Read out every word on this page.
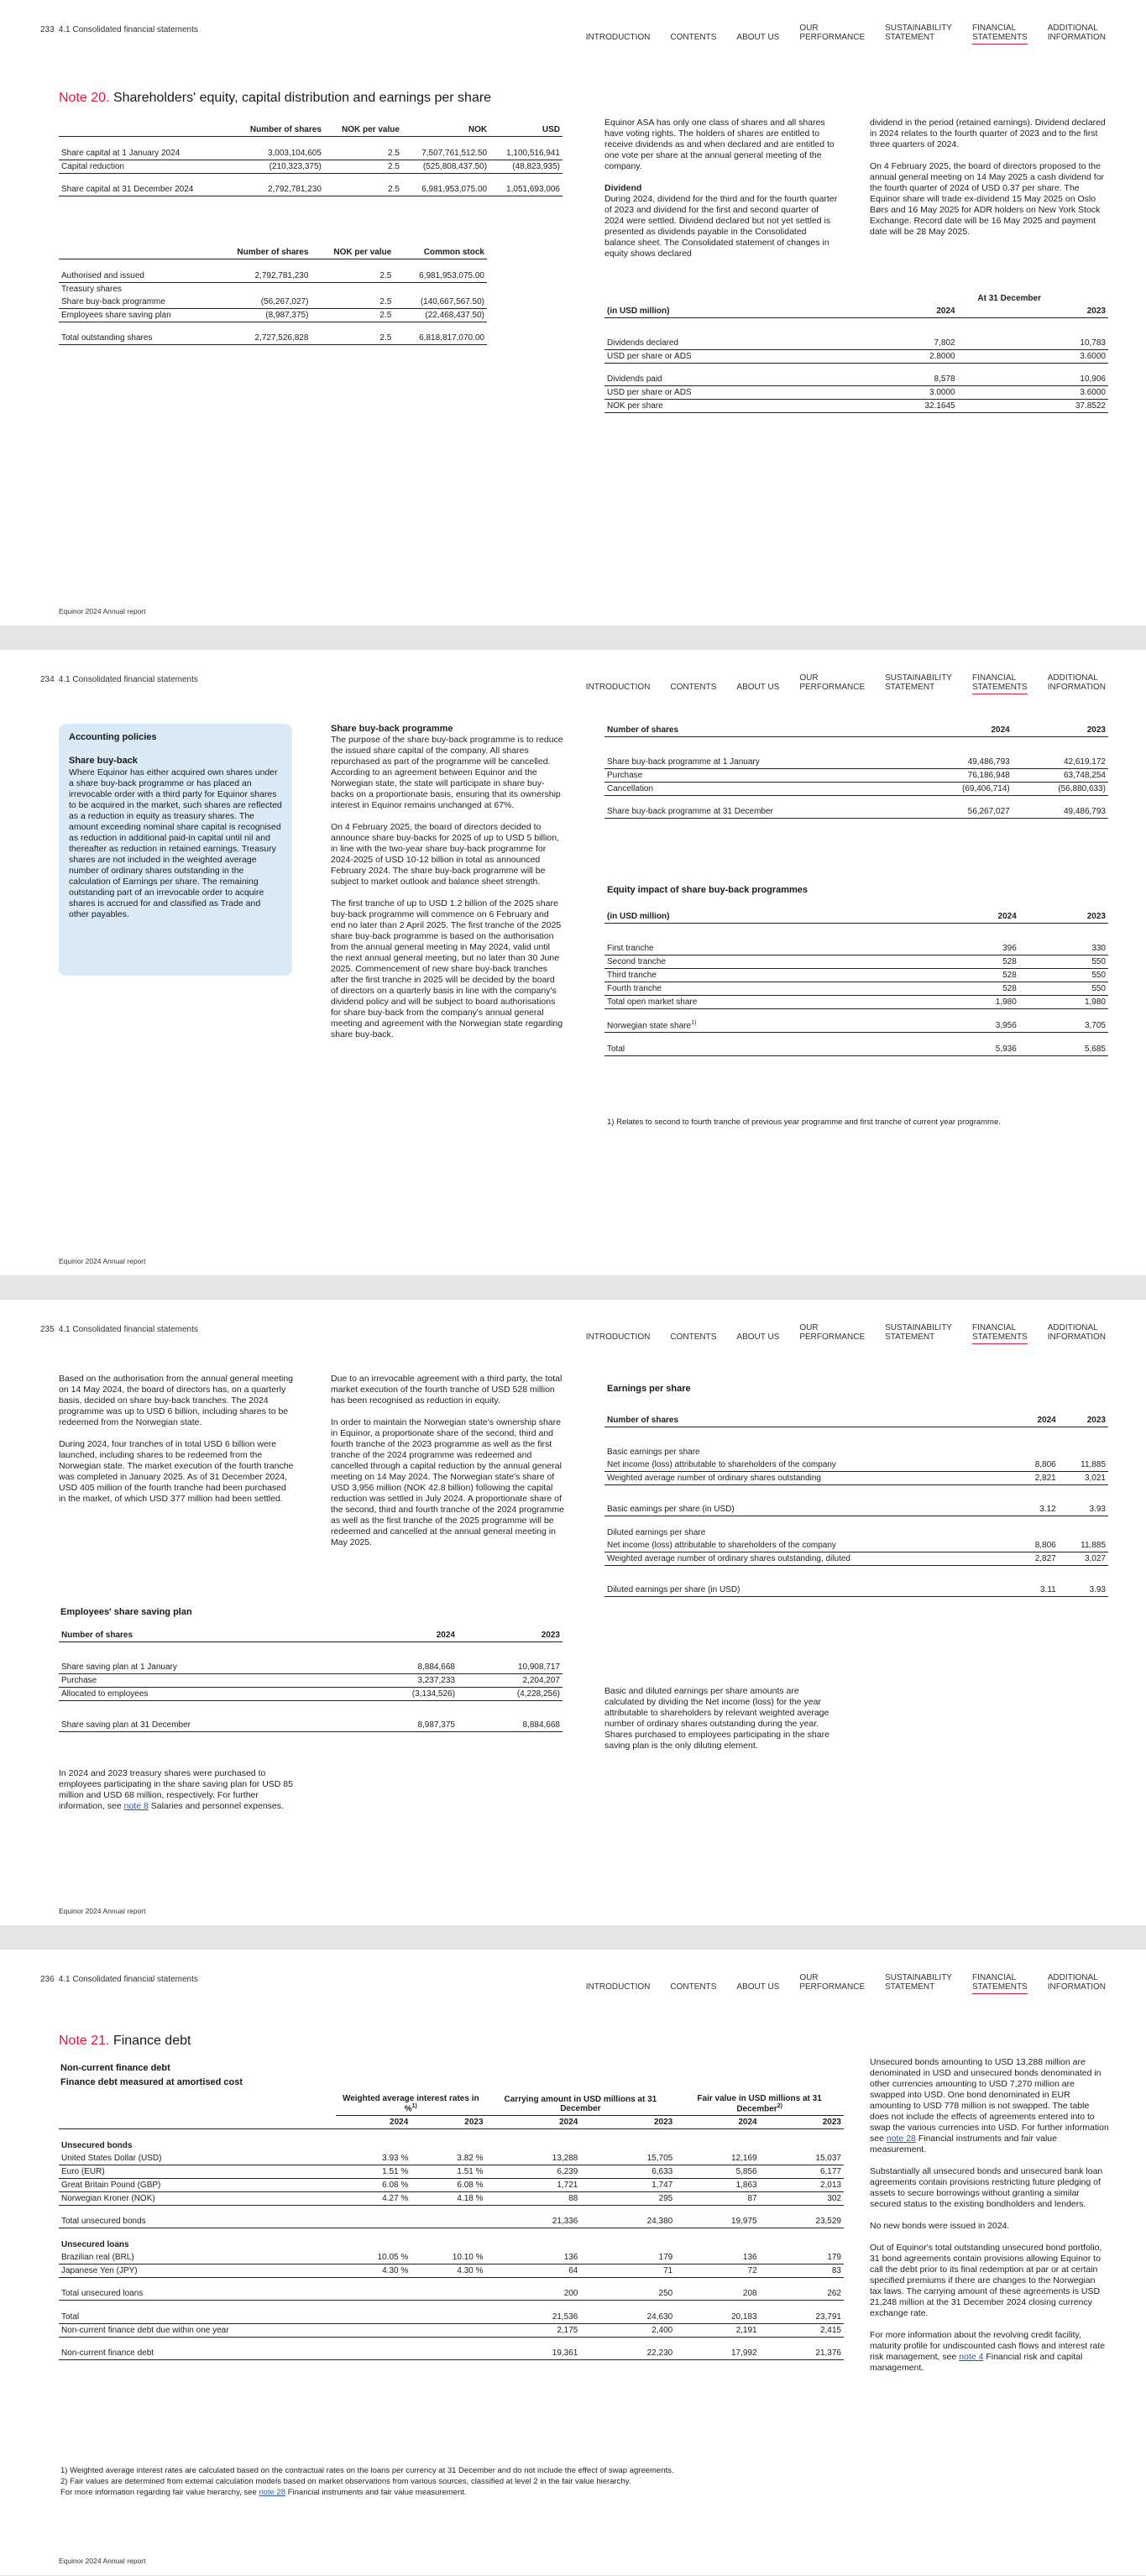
233 4.1 Consolidated financial statements
INTRODUCTION CONTENTS ABOUT US
OUR
PERFORMANCE
SUSTAINABILITY
STATEMENT
FINANCIAL
STATEMENTS
ADDITIONAL
INFORMATION
Note 20. Shareholders' equity, capital distribution and earnings per share
	Number of shares	NOK per value	NOK	USD

Share capital at 1 January 2024	3,003,104,605	2.5	7,507,761,512.50	1,100,516,941
Capital reduction	(210,323,375)	2.5	(525,808,437.50)	(48,823,935)

Share capital at 31 December 2024	2,792,781,230	2.5	6,981,953,075.00	1,051,693,006
	Number of shares	NOK per value	Common stock

Authorised and issued	2,792,781,230	2.5	6,981,953,075.00
Treasury shares			
Share buy-back programme	(56,267,027)	2.5	(140,667,567.50)
Employees share saving plan	(8,987,375)	2.5	(22,468,437.50)

Total outstanding shares	2,727,526,828	2.5	6,818,817,070.00

Equinor ASA has only one class of shares and all shares have voting rights. The holders of shares are entitled to receive dividends as and when declared and are entitled to one vote per share at the annual general meeting of the company.

Dividend

During 2024, dividend for the third and for the fourth quarter of 2023 and dividend for the first and second quarter of 2024 were settled. Dividend declared but not yet settled is presented as dividends payable in the Consolidated balance sheet. The Consolidated statement of changes in equity shows declared

dividend in the period (retained earnings). Dividend declared in 2024 relates to the fourth quarter of 2023 and to the first three quarters of 2024.

On 4 February 2025, the board of directors proposed to the annual general meeting on 14 May 2025 a cash dividend for the fourth quarter of 2024 of USD 0.37 per share. The Equinor share will trade ex-dividend 15 May 2025 on Oslo Børs and 16 May 2025 for ADR holders on New York Stock Exchange. Record date will be 16 May 2025 and payment date will be 28 May 2025.

	At 31 December	
(in USD million)	2024	2023

Dividends declared	7,802	10,783
USD per share or ADS	2.8000	3.6000

Dividends paid	8,578	10,906
USD per share or ADS	3.0000	3.6000
NOK per share	32.1645	37.8522
Equinor 2024 Annual report
234 4.1 Consolidated financial statements
INTRODUCTION CONTENTS ABOUT US
OUR
PERFORMANCE
SUSTAINABILITY
STATEMENT
FINANCIAL
STATEMENTS
ADDITIONAL
INFORMATION
Accounting policies
Share buy-back

Where Equinor has either acquired own shares under a share buy-back programme or has placed an irrevocable order with a third party for Equinor shares to be acquired in the market, such shares are reflected as a reduction in equity as treasury shares. The amount exceeding nominal share capital is recognised as reduction in additional paid-in capital until nil and thereafter as reduction in retained earnings. Treasury shares are not included in the weighted average number of ordinary shares outstanding in the calculation of Earnings per share. The remaining outstanding part of an irrevocable order to acquire shares is accrued for and classified as Trade and other payables.

Share buy-back programme

The purpose of the share buy-back programme is to reduce the issued share capital of the company. All shares repurchased as part of the programme will be cancelled. According to an agreement between Equinor and the Norwegian state, the state will participate in share buy-backs on a proportionate basis, ensuring that its ownership interest in Equinor remains unchanged at 67%.

On 4 February 2025, the board of directors decided to announce share buy-backs for 2025 of up to USD 5 billion, in line with the two-year share buy-back programme for 2024-2025 of USD 10-12 billion in total as announced February 2024. The share buy-back programme will be subject to market outlook and balance sheet strength.

The first tranche of up to USD 1.2 billion of the 2025 share buy-back programme will commence on 6 February and end no later than 2 April 2025. The first tranche of the 2025 share buy-back programme is based on the authorisation from the annual general meeting in May 2024, valid until the next annual general meeting, but no later than 30 June 2025. Commencement of new share buy-back tranches after the first tranche in 2025 will be decided by the board of directors on a quarterly basis in line with the company's dividend policy and will be subject to board authorisations for share buy-back from the company's annual general meeting and agreement with the Norwegian state regarding share buy-back.

Number of shares	2024	2023

Share buy-back programme at 1 January	49,486,793	42,619,172
Purchase	76,186,948	63,748,254
Cancellation	(69,406,714)	(56,880,633)

Share buy-back programme at 31 December	56,267,027	49,486,793
Equity impact of share buy-back programmes
(in USD million)	2024	2023

First tranche	396	330
Second tranche	528	550
Third tranche	528	550
Fourth tranche	528	550
Total open market share	1,980	1,980

Norwegian state share$^{1)}$	3,956	3,705

Total	5,936	5,685
1) Relates to second to fourth tranche of previous year programme and first tranche of current year programme.
Equinor 2024 Annual report
235 4.1 Consolidated financial statements
INTRODUCTION CONTENTS ABOUT US
OUR
PERFORMANCE
SUSTAINABILITY
STATEMENT
FINANCIAL
STATEMENTS
ADDITIONAL
INFORMATION

Based on the authorisation from the annual general meeting on 14 May 2024, the board of directors has, on a quarterly basis, decided on share buy-back tranches. The 2024 programme was up to USD 6 billion, including shares to be redeemed from the Norwegian state.

During 2024, four tranches of in total USD 6 billion were launched, including shares to be redeemed from the Norwegian state. The market execution of the fourth tranche was completed in January 2025. As of 31 December 2024, USD 405 million of the fourth tranche had been purchased in the market, of which USD 377 million had been settled.

Due to an irrevocable agreement with a third party, the total market execution of the fourth tranche of USD 528 million has been recognised as reduction in equity.

In order to maintain the Norwegian state's ownership share in Equinor, a proportionate share of the second, third and fourth tranche of the 2023 programme as well as the first tranche of the 2024 programme was redeemed and cancelled through a capital reduction by the annual general meeting on 14 May 2024. The Norwegian state's share of USD 3,956 million (NOK 42.8 billion) following the capital reduction was settled in July 2024. A proportionate share of the second, third and fourth tranche of the 2024 programme as well as the first tranche of the 2025 programme will be redeemed and cancelled at the annual general meeting in May 2025.

Employees' share saving plan
Number of shares	2024	2023

Share saving plan at 1 January	8,884,668	10,908,717
Purchase	3,237,233	2,204,207
Allocated to employees	(3,134,526)	(4,228,256)

Share saving plan at 31 December	8,987,375	8,884,668
In 2024 and 2023 treasury shares were purchased to employees participating in the share saving plan for USD 85 million and USD 68 million, respectively. For further information, see note 8 Salaries and personnel expenses.
Earnings per share
Number of shares	2024	2023

Basic earnings per share		
Net income (loss) attributable to shareholders of the company	8,806	11,885
Weighted average number of ordinary shares outstanding	2,821	3,021

Basic earnings per share (in USD)	3.12	3.93

Diluted earnings per share		
Net income (loss) attributable to shareholders of the company	8,806	11,885
Weighted average number of ordinary shares outstanding, diluted	2,827	3,027

Diluted earnings per share (in USD)	3.11	3.93
Basic and diluted earnings per share amounts are calculated by dividing the Net income (loss) for the year attributable to shareholders by relevant weighted average number of ordinary shares outstanding during the year. Shares purchased to employees participating in the share saving plan is the only diluting element.
Equinor 2024 Annual report
236 4.1 Consolidated financial statements
INTRODUCTION CONTENTS ABOUT US
OUR
PERFORMANCE
SUSTAINABILITY
STATEMENT
FINANCIAL
STATEMENTS
ADDITIONAL
INFORMATION
Note 21. Finance debt
Non-current finance debt
Finance debt measured at amortised cost
	Weighted average interest rates in %$^{1)}$		Carrying amount in USD millions at 31 December		Fair value in USD millions at 31 December$^{2)}$
	2024	2023	2024	2023	2024	2023

Unsecured bonds						
United States Dollar (USD)	3.93 %	3.82 %	13,288	15,705	12,169	15,037
Euro (EUR)	1.51 %	1.51 %	6,239	6,633	5,856	6,177
Great Britain Pound (GBP)	6.08 %	6.08 %	1,721	1,747	1,863	2,013
Norwegian Kroner (NOK)	4.27 %	4.18 %	88	295	87	302

Total unsecured bonds			21,336	24,380	19,975	23,529

Unsecured loans						
Brazilian real (BRL)	10.05 %	10.10 %	136	179	136	179
Japanese Yen (JPY)	4.30 %	4.30 %	64	71	72	83

Total unsecured loans			200	250	208	262

Total			21,536	24,630	20,183	23,791
Non-current finance debt due within one year			2,175	2,400	2,191	2,415

Non-current finance debt			19,361	22,230	17,992	21,376
1) Weighted average interest rates are calculated based on the contractual rates on the loans per currency at 31 December and do not include the effect of swap agreements.
2) Fair values are determined from external calculation models based on market observations from various sources, classified at level 2 in the fair value hierarchy.
For more information regarding fair value hierarchy, see note 28 Financial instruments and fair value measurement.

Unsecured bonds amounting to USD 13,288 million are denominated in USD and unsecured bonds denominated in other currencies amounting to USD 7,270 million are swapped into USD. One bond denominated in EUR amounting to USD 778 million is not swapped. The table does not include the effects of agreements entered into to swap the various currencies into USD. For further information see note 28 Financial instruments and fair value measurement.

Substantially all unsecured bonds and unsecured bank loan agreements contain provisions restricting future pledging of assets to secure borrowings without granting a similar secured status to the existing bondholders and lenders.

No new bonds were issued in 2024.

Out of Equinor's total outstanding unsecured bond portfolio, 31 bond agreements contain provisions allowing Equinor to call the debt prior to its final redemption at par or at certain specified premiums if there are changes to the Norwegian tax laws. The carrying amount of these agreements is USD 21,248 million at the 31 December 2024 closing currency exchange rate.

For more information about the revolving credit facility, maturity profile for undiscounted cash flows and interest rate risk management, see note 4 Financial risk and capital management.

Equinor 2024 Annual report
